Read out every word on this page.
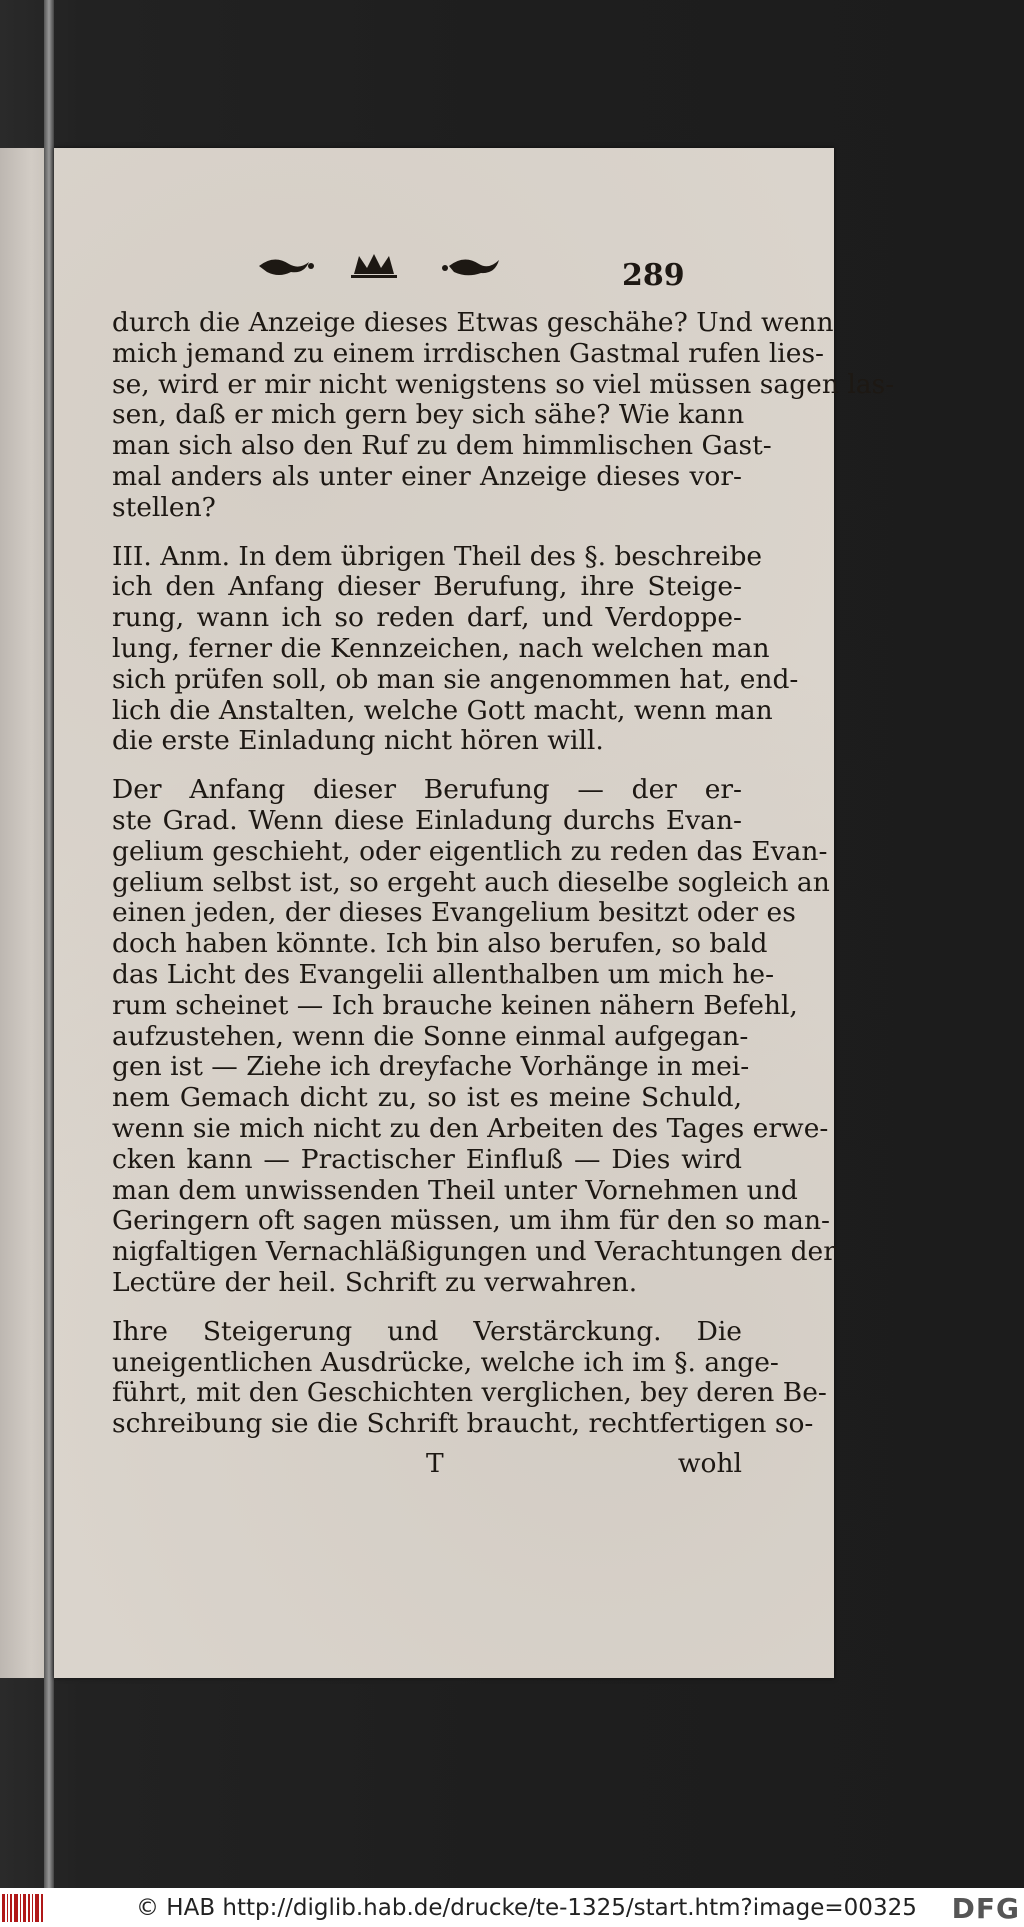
289
durch die Anzeige dieses Etwas geschähe? Und wenn
mich jemand zu einem irrdischen Gastmal rufen lies-
se, wird er mir nicht wenigstens so viel müssen sagen las-
sen, daß er mich gern bey sich sähe? Wie kann
man sich also den Ruf zu dem himmlischen Gast-
mal anders als unter einer Anzeige dieses vor-
stellen?
III. Anm. In dem übrigen Theil des §. beschreibe
ich den Anfang dieser Berufung, ihre Steige-
rung, wann ich so reden darf, und Verdoppe-
lung, ferner die Kennzeichen, nach welchen man
sich prüfen soll, ob man sie angenommen hat, end-
lich die Anstalten, welche Gott macht, wenn man
die erste Einladung nicht hören will.
Der Anfang dieser Berufung — der er-
ste Grad. Wenn diese Einladung durchs Evan-
gelium geschieht, oder eigentlich zu reden das Evan-
gelium selbst ist, so ergeht auch dieselbe sogleich an
einen jeden, der dieses Evangelium besitzt oder es
doch haben könnte. Ich bin also berufen, so bald
das Licht des Evangelii allenthalben um mich he-
rum scheinet — Ich brauche keinen nähern Befehl,
aufzustehen, wenn die Sonne einmal aufgegan-
gen ist — Ziehe ich dreyfache Vorhänge in mei-
nem Gemach dicht zu, so ist es meine Schuld,
wenn sie mich nicht zu den Arbeiten des Tages erwe-
cken kann — Practischer Einfluß — Dies wird
man dem unwissenden Theil unter Vornehmen und
Geringern oft sagen müssen, um ihm für den so man-
nigfaltigen Vernachläßigungen und Verachtungen der
Lectüre der heil. Schrift zu verwahren.
Ihre Steigerung und Verstärckung. Die
uneigentlichen Ausdrücke, welche ich im §. ange-
führt, mit den Geschichten verglichen, bey deren Be-
schreibung sie die Schrift braucht, rechtfertigen so-
T	wohl
© HAB http://diglib.hab.de/drucke/te-1325/start.htm?image=00325 DFG
